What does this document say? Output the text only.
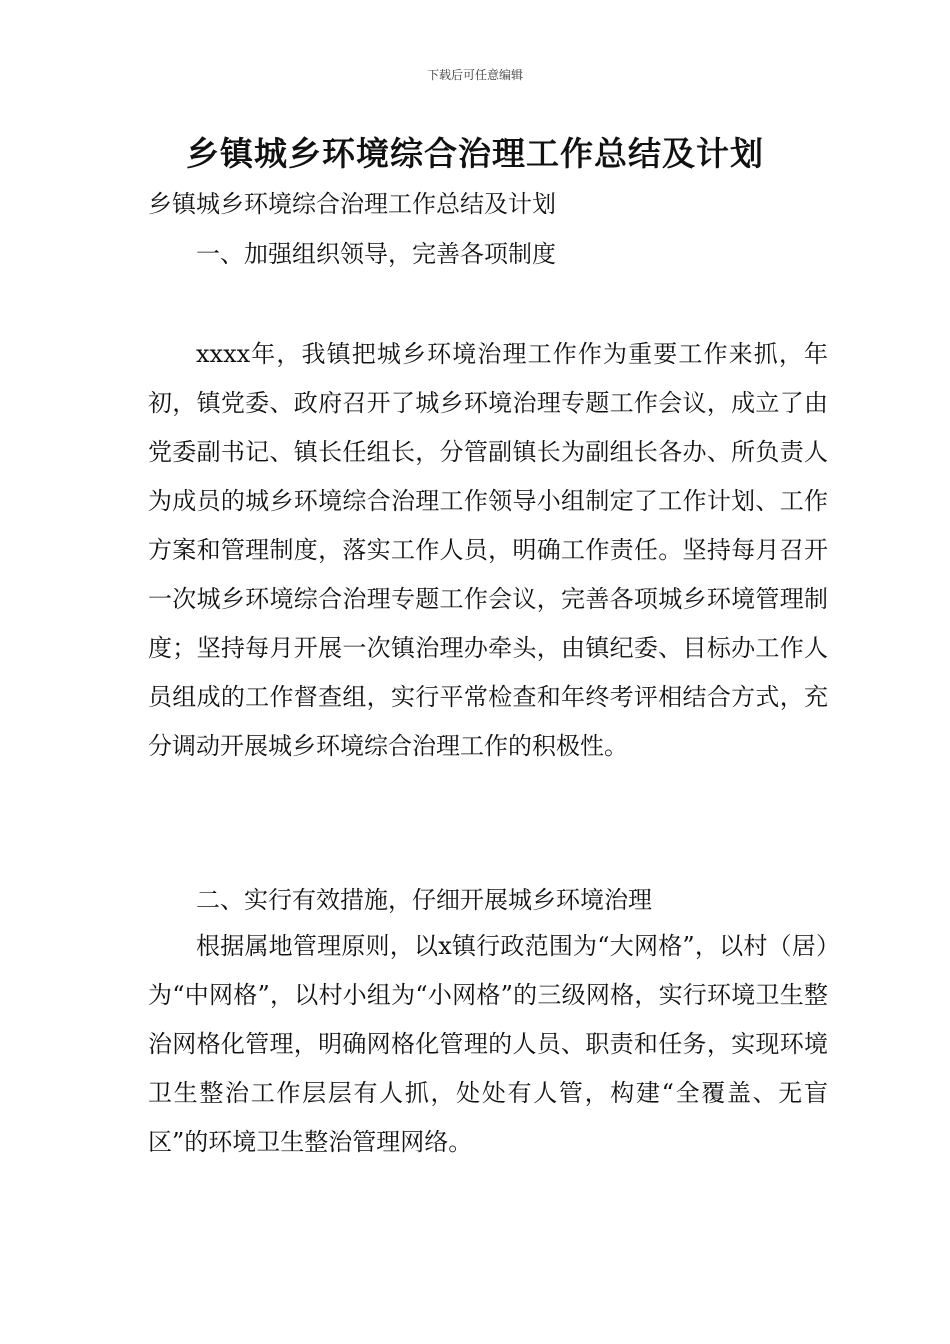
下载后可任意编辑
乡镇城乡环境综合治理工作总结及计划
乡镇城乡环境综合治理工作总结及计划
一、加强组织领导，完善各项制度

xxxx年，我镇把城乡环境治理工作作为重要工作来抓，年初，镇党委、政府召开了城乡环境治理专题工作会议，成立了由党委副书记、镇长任组长，分管副镇长为副组长各办、所负责人为成员的城乡环境综合治理工作领导小组制定了工作计划、工作方案和管理制度，落实工作人员，明确工作责任。坚持每月召开一次城乡环境综合治理专题工作会议，完善各项城乡环境管理制度；坚持每月开展一次镇治理办牵头，由镇纪委、目标办工作人员组成的工作督查组，实行平常检查和年终考评相结合方式，充分调动开展城乡环境综合治理工作的积极性。

二、实行有效措施，仔细开展城乡环境治理

根据属地管理原则，以x镇行政范围为“大网格”，以村（居）为“中网格”，以村小组为“小网格”的三级网格，实行环境卫生整治网格化管理，明确网格化管理的人员、职责和任务，实现环境卫生整治工作层层有人抓，处处有人管，构建“全覆盖、无盲区”的环境卫生整治管理网络。
